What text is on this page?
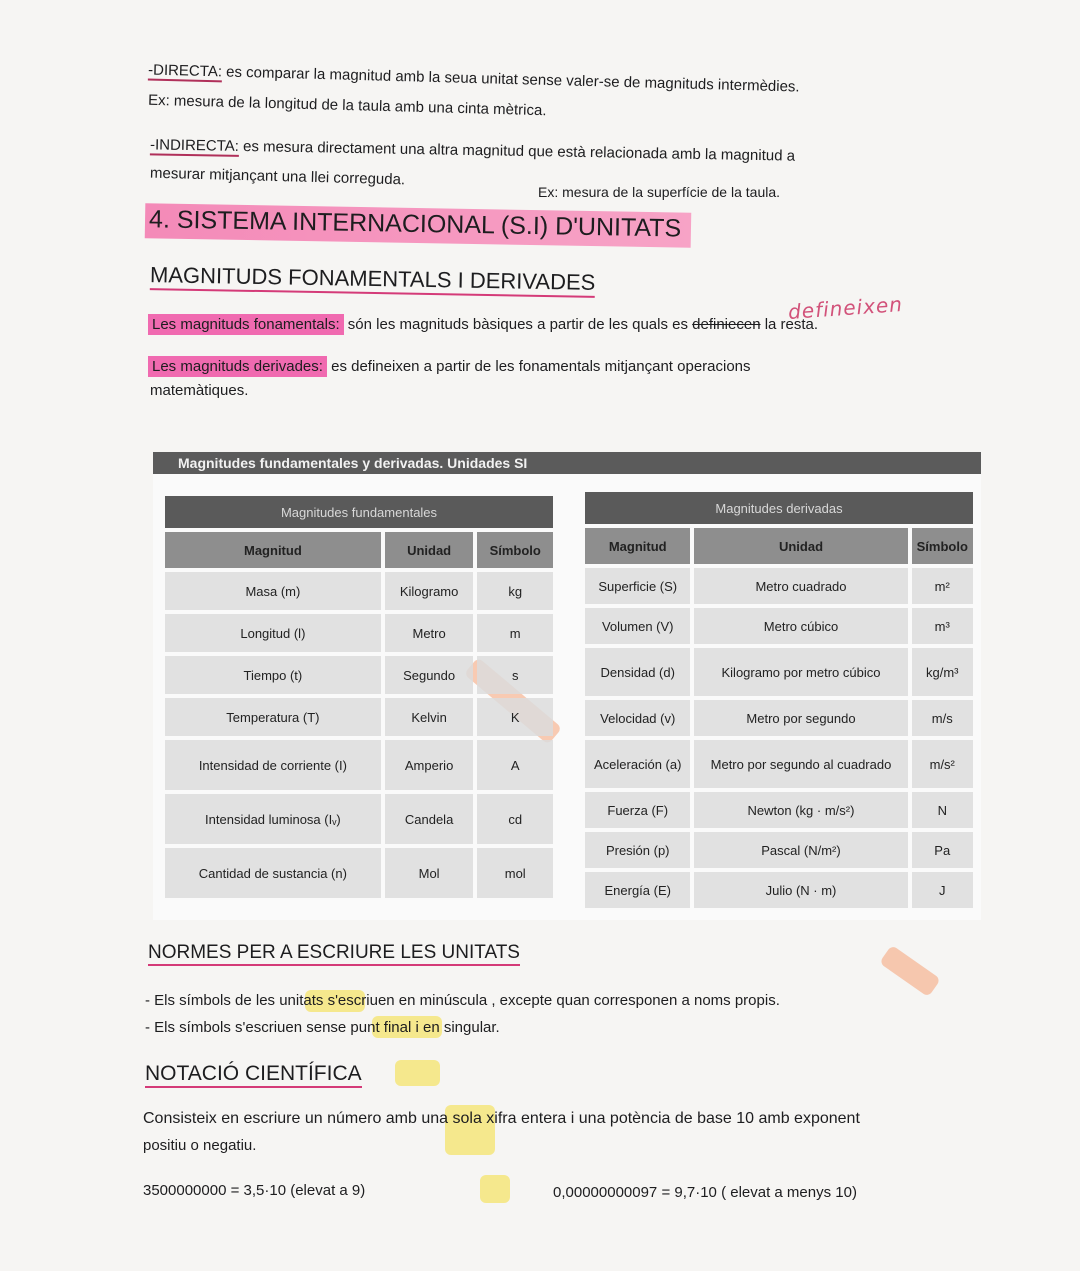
-DIRECTA: es comparar la magnitud amb la seua unitat sense valer-se de magnituds intermèdies.
Ex: mesura de la longitud de la taula amb una cinta mètrica.
-INDIRECTA: es mesura directament una altra magnitud que està relacionada amb la magnitud a
mesurar mitjançant una llei correguda.
Ex: mesura de la superfície de la taula.
4. SISTEMA INTERNACIONAL (S.I) D'UNITATS
MAGNITUDS FONAMENTALS I DERIVADES
Les magnituds fonamentals: són les magnituds bàsiques a partir de les quals es definiecen la resta.
defineixen
Les magnituds derivades: es defineixen a partir de les fonamentals mitjançant operacions
matemàtiques.
Magnitudes fundamentales y derivadas. Unidades SI
Magnitudes fundamentales		
Magnitud	Unidad	Símbolo
Masa (m)	Kilogramo	kg
Longitud (l)	Metro	m
Tiempo (t)	Segundo	s
Temperatura (T)	Kelvin	K
Intensidad de corriente (I)	Amperio	A
Intensidad luminosa (Iᵥ)	Candela	cd
Cantidad de sustancia (n)	Mol	mol
Magnitudes derivadas		
Magnitud	Unidad	Símbolo
Superficie (S)	Metro cuadrado	m²
Volumen (V)	Metro cúbico	m³
Densidad (d)	Kilogramo por metro cúbico	kg/m³
Velocidad (v)	Metro por segundo	m/s
Aceleración (a)	Metro por segundo al cuadrado	m/s²
Fuerza (F)	Newton (kg · m/s²)	N
Presión (p)	Pascal (N/m²)	Pa
Energía (E)	Julio (N · m)	J
NORMES PER A ESCRIURE LES UNITATS
- Els símbols de les unitats s'escriuen en minúscula , excepte quan corresponen a noms propis.
- Els símbols s'escriuen sense punt final i en singular.
NOTACIÓ CIENTÍFICA
Consisteix en escriure un número amb una sola xifra entera i una potència de base 10 amb exponent
positiu o negatiu.
3500000000 = 3,5·10 (elevat a 9)	0,00000000097 = 9,7·10 ( elevat a menys 10)
